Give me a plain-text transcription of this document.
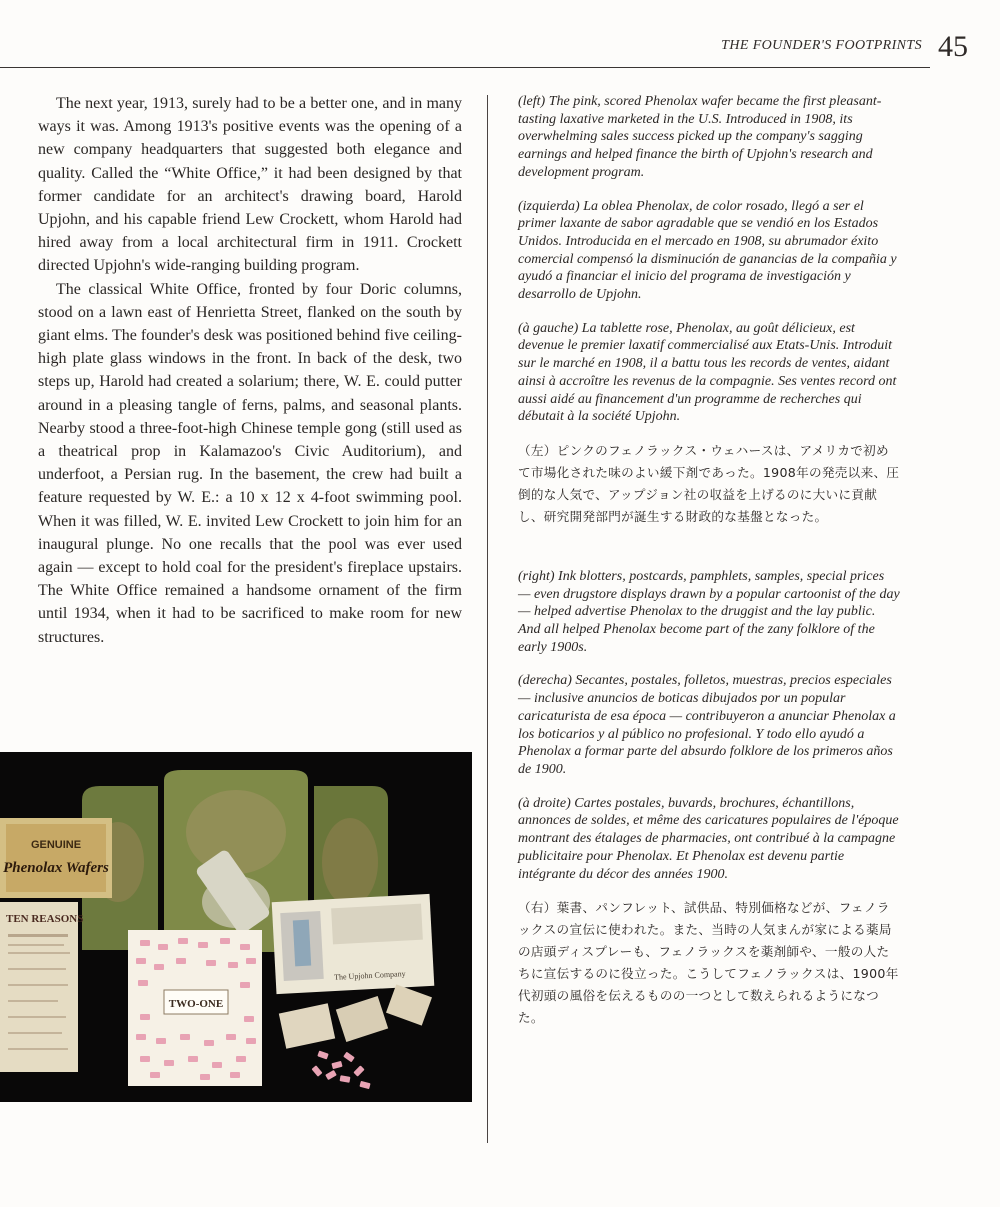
THE FOUNDER'S FOOTPRINTS 45

The next year, 1913, surely had to be a better one, and in many ways it was. Among 1913's positive events was the opening of a new company headquarters that suggested both elegance and quality. Called the “White Office,” it had been designed by that former candidate for an architect's drawing board, Harold Upjohn, and his capable friend Lew Crockett, whom Harold had hired away from a local architectural firm in 1911. Crockett directed Upjohn's wide-ranging building program.

The classical White Office, fronted by four Doric columns, stood on a lawn east of Henrietta Street, flanked on the south by giant elms. The founder's desk was positioned behind five ceiling-high plate glass windows in the front. In back of the desk, two steps up, Harold had created a solarium; there, W. E. could putter around in a pleasing tangle of ferns, palms, and seasonal plants. Nearby stood a three-foot-high Chinese temple gong (still used as a theatrical prop in Kalamazoo's Civic Auditorium), and underfoot, a Persian rug. In the basement, the crew had built a feature requested by W. E.: a 10 x 12 x 4-foot swimming pool. When it was filled, W. E. invited Lew Crockett to join him for an inaugural plunge. No one recalls that the pool was ever used again — except to hold coal for the president's fireplace upstairs. The White Office remained a handsome ornament of the firm until 1934, when it had to be sacrificed to make room for new structures.

(left) The pink, scored Phenolax wafer became the first pleasant-tasting laxative marketed in the U.S. Introduced in 1908, its overwhelming sales success picked up the company's sagging earnings and helped finance the birth of Upjohn's research and development program.

(izquierda) La oblea Phenolax, de color rosado, llegó a ser el primer laxante de sabor agradable que se vendió en los Estados Unidos. Introducida en el mercado en 1908, su abrumador éxito comercial compensó la disminución de ganancias de la compañia y ayudó a financiar el inicio del programa de investigación y desarrollo de Upjohn.

(à gauche) La tablette rose, Phenolax, au goût délicieux, est devenue le premier laxatif commercialisé aux Etats-Unis. Introduit sur le marché en 1908, il a battu tous les records de ventes, aidant ainsi à accroître les revenus de la compagnie. Ses ventes record ont aussi aidé au financement d'un programme de recherches qui débutait à la société Upjohn.

（左）ピンクのフェノラックス・ウェハースは、アメリカで初めて市場化された味のよい緩下剤であった。1908年の発売以来、圧倒的な人気で、アップジョン社の収益を上げるのに大いに貢献し、研究開発部門が誕生する財政的な基盤となった。

(right) Ink blotters, postcards, pamphlets, samples, special prices — even drugstore displays drawn by a popular cartoonist of the day — helped advertise Phenolax to the druggist and the lay public. And all helped Phenolax become part of the zany folklore of the early 1900s.

(derecha) Secantes, postales, folletos, muestras, precios especiales — inclusive anuncios de boticas dibujados por un popular caricaturista de esa época — contribuyeron a anunciar Phenolax a los boticarios y al público no profesional. Y todo ello ayudó a Phenolax a formar parte del absurdo folklore de los primeros años de 1900.

(à droite) Cartes postales, buvards, brochures, échantillons, annonces de soldes, et même des caricatures populaires de l'époque montrant des étalages de pharmacies, ont contribué à la campagne publicitaire pour Phenolax. Et Phenolax est devenu partie intégrante du décor des années 1900.

（右）葉書、パンフレット、試供品、特別価格などが、フェノラックスの宣伝に使われた。また、当時の人気まんが家による薬局の店頭ディスプレーも、フェノラックスを薬剤師や、一般の人たちに宣伝するのに役立った。こうしてフェノラックスは、1900年代初頭の風俗を伝えるものの一つとして数えられるようになつた。

GENUINE
Phenolax Wafers
TEN REASONS
TWO-ONE
The Upjohn Company
